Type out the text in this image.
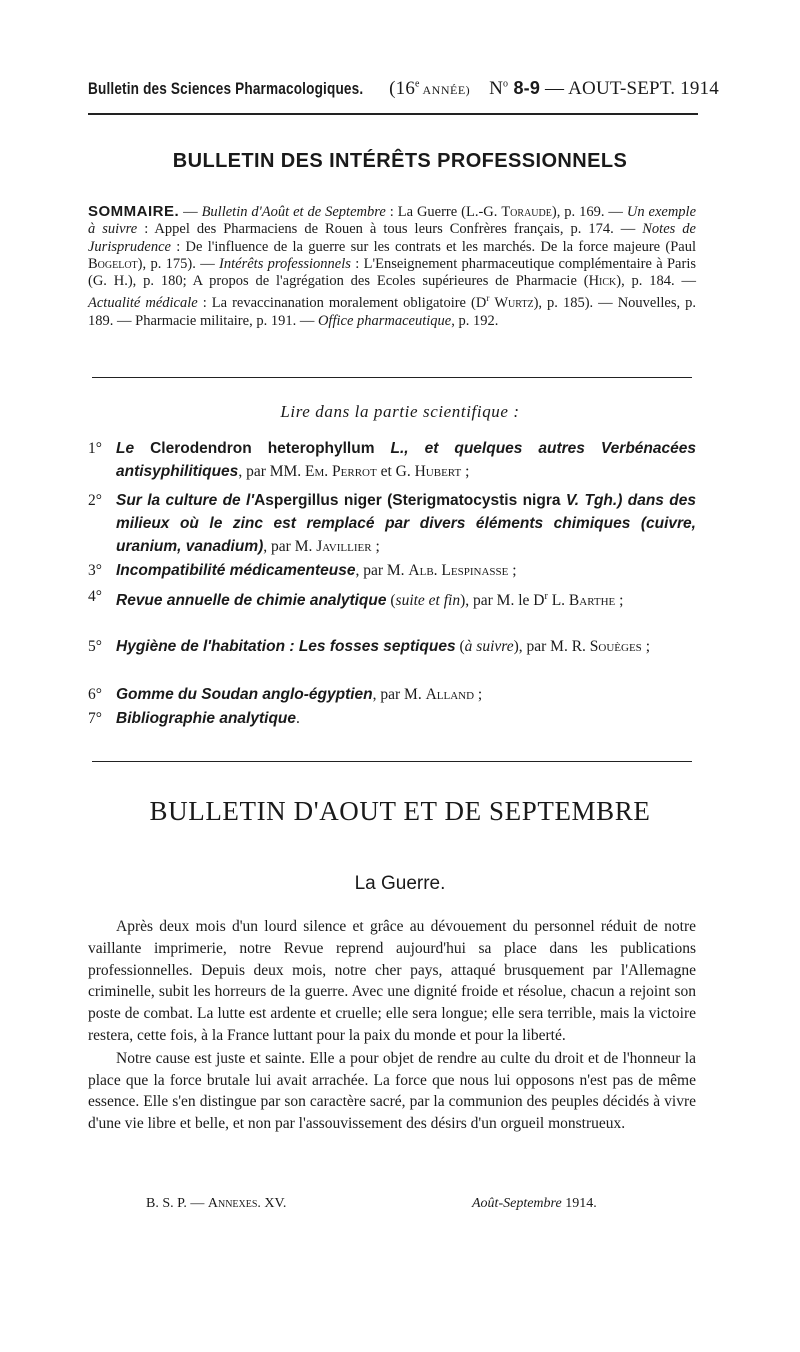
Bulletin des Sciences Pharmacologiques. (16e ANNÉE) $N^o$ 8-9 — AOUT-SEPT. 1914
BULLETIN DES INTÉRÊTS PROFESSIONNELS
SOMMAIRE. — Bulletin d'Août et de Septembre : La Guerre (L.-G. Toraude), p. 169. — Un exemple à suivre : Appel des Pharmaciens de Rouen à tous leurs Confrères français, p. 174. — Notes de Jurisprudence : De l'influence de la guerre sur les contrats et les marchés. De la force majeure (Paul Bogelot), p. 175). — Intérêts professionnels : L'Enseignement pharmaceutique complémentaire à Paris (G. H.), p. 180; A propos de l'agrégation des Ecoles supérieures de Pharmacie (Hick), p. 184. — Actualité médicale : La revaccinanation moralement obligatoire ($D^r$ Wurtz), p. 185). — Nouvelles, p. 189. — Pharmacie militaire, p. 191. — Office pharmaceutique, p. 192.
Lire dans la partie scientifique :
1° Le Clerodendron heterophyllum L., et quelques autres Verbénacées antisyphilitiques, par MM. Em. Perrot et G. Hubert ;
2° Sur la culture de l'Aspergillus niger (Sterigmatocystis nigra V. Tgh.) dans des milieux où le zinc est remplacé par divers éléments chimiques (cuivre, uranium, vanadium), par M. Javillier ;
3° Incompatibilité médicamenteuse, par M. Alb. Lespinasse ;
4° Revue annuelle de chimie analytique (suite et fin), par M. le $D^r$ L. Barthe ;
5° Hygiène de l'habitation : Les fosses septiques (à suivre), par M. R. Souèges ;
6° Gomme du Soudan anglo-égyptien, par M. Alland ;
7° Bibliographie analytique.
BULLETIN D'AOUT ET DE SEPTEMBRE
La Guerre.

Après deux mois d'un lourd silence et grâce au dévouement du personnel réduit de notre vaillante imprimerie, notre Revue reprend aujourd'hui sa place dans les publications professionnelles. Depuis deux mois, notre cher pays, attaqué brusquement par l'Allemagne criminelle, subit les horreurs de la guerre. Avec une dignité froide et résolue, chacun a rejoint son poste de combat. La lutte est ardente et cruelle; elle sera longue; elle sera terrible, mais la victoire restera, cette fois, à la France luttant pour la paix du monde et pour la liberté.

Notre cause est juste et sainte. Elle a pour objet de rendre au culte du droit et de l'honneur la place que la force brutale lui avait arrachée. La force que nous lui opposons n'est pas de même essence. Elle s'en distingue par son caractère sacré, par la communion des peuples décidés à vivre d'une vie libre et belle, et non par l'assouvissement des désirs d'un orgueil monstrueux.

B. S. P. — Annexes. XV.	Août-Septembre 1914.
